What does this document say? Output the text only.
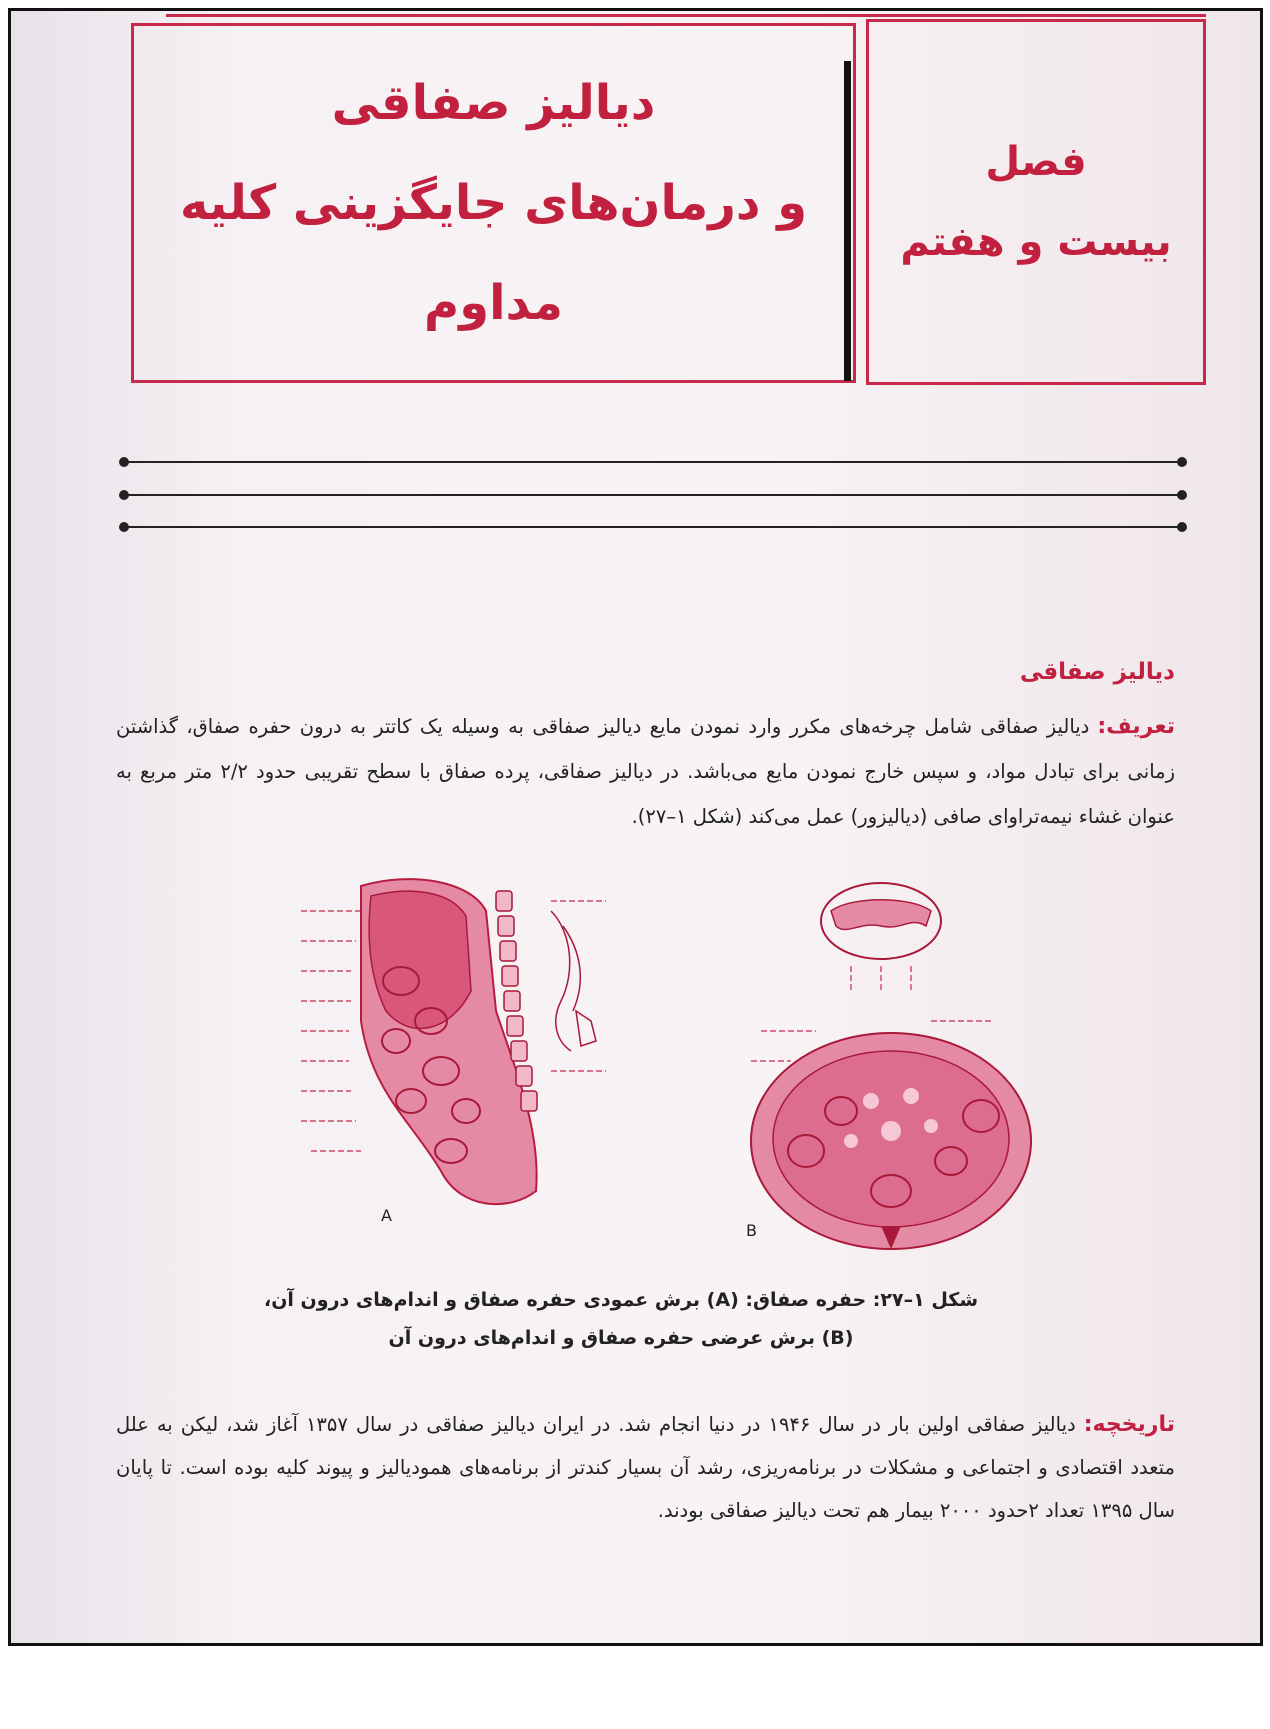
دیالیز صفاقی
و درمان‌های جایگزینی کلیه
مداوم
فصل
بیست و هفتم
دیالیز صفاقی
تعریف:دیالیز صفاقی شامل چرخه‌های مکرر وارد نمودن مایع دیالیز صفاقی به وسیله یک کاتتر به درون حفره صفاق، گذاشتن زمانی برای تبادل مواد، و سپس خارج نمودن مایع می‌باشد. در دیالیز صفاقی، پرده صفاق با سطح تقریبی حدود ۲/۲ متر مربع به عنوان غشاء نیمه‌تراوای صافی (دیالیزور) عمل می‌کند (شکل ۱–۲۷).
A
B
شکل ۱–۲۷: حفره صفاق: (A) برش عمودی حفره صفاق و اندام‌های درون آن،
(B) برش عرضی حفره صفاق و اندام‌های درون آن
تاریخچه:دیالیز صفاقی اولین بار در سال ۱۹۴۶ در دنیا انجام شد. در ایران دیالیز صفاقی در سال ۱۳۵۷ آغاز شد، لیکن به علل متعدد اقتصادی و اجتماعی و مشکلات در برنامه‌ریزی، رشد آن بسیار کندتر از برنامه‌های همودیالیز و پیوند کلیه بوده است. تا پایان سال ۱۳۹۵ تعداد ۲حدود ۲۰۰۰ بیمار هم تحت دیالیز صفاقی بودند.
